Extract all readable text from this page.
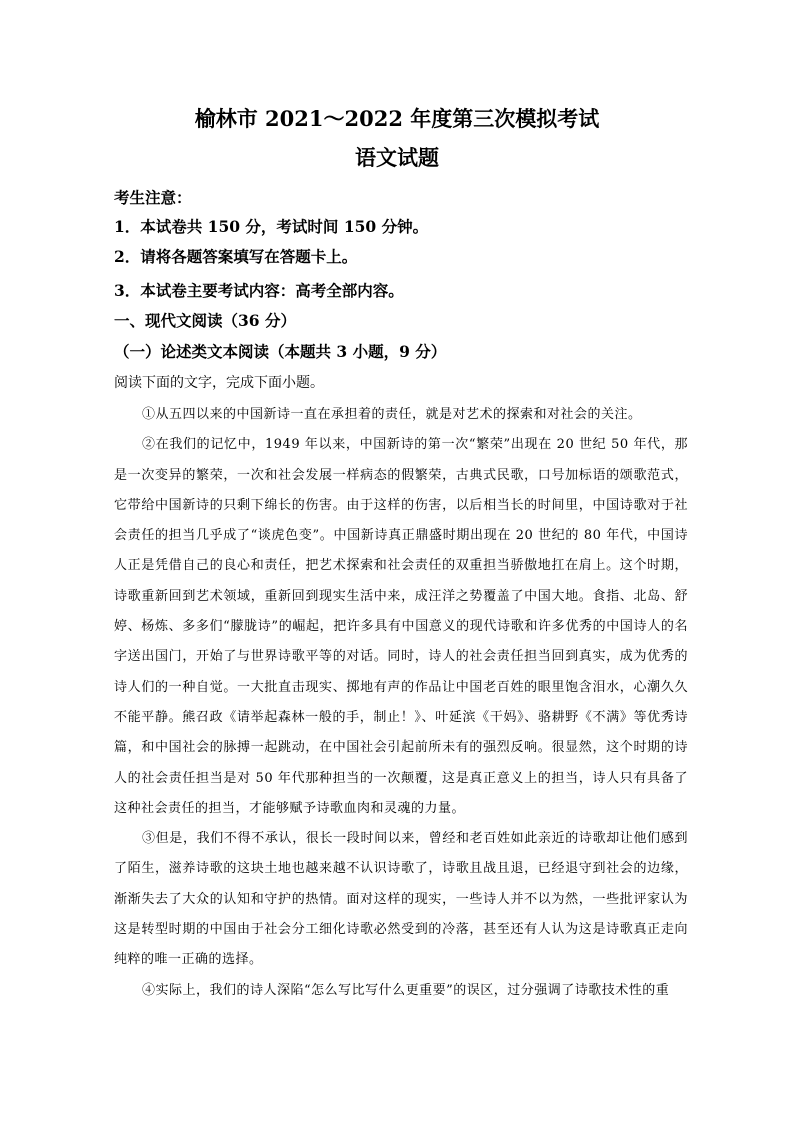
榆林市 2021～2022 年度第三次模拟考试
语文试题
考生注意：
1．本试卷共 150 分，考试时间 150 分钟。
2．请将各题答案填写在答题卡上。
3．本试卷主要考试内容：高考全部内容。
一、现代文阅读（36 分）
（一）论述类文本阅读（本题共 3 小题，9 分）
阅读下面的文字，完成下面小题。

①从五四以来的中国新诗一直在承担着的责任，就是对艺术的探索和对社会的关注。

②在我们的记忆中，1949 年以来，中国新诗的第一次“繁荣”出现在 20 世纪 50 年代，那是一次变异的繁荣，一次和社会发展一样病态的假繁荣，古典式民歌，口号加标语的颂歌范式，它带给中国新诗的只剩下绵长的伤害。由于这样的伤害，以后相当长的时间里，中国诗歌对于社会责任的担当几乎成了“谈虎色变”。中国新诗真正鼎盛时期出现在 20 世纪的 80 年代，中国诗人正是凭借自己的良心和责任，把艺术探索和社会责任的双重担当骄傲地扛在肩上。这个时期，诗歌重新回到艺术领域，重新回到现实生活中来，成汪洋之势覆盖了中国大地。食指、北岛、舒婷、杨炼、多多们“朦胧诗”的崛起，把许多具有中国意义的现代诗歌和许多优秀的中国诗人的名字送出国门，开始了与世界诗歌平等的对话。同时，诗人的社会责任担当回到真实，成为优秀的诗人们的一种自觉。一大批直击现实、掷地有声的作品让中国老百姓的眼里饱含泪水，心潮久久不能平静。熊召政《请举起森林一般的手，制止！》、叶延滨《干妈》、骆耕野《不满》等优秀诗篇，和中国社会的脉搏一起跳动，在中国社会引起前所未有的强烈反响。很显然，这个时期的诗人的社会责任担当是对 50 年代那种担当的一次颠覆，这是真正意义上的担当，诗人只有具备了这种社会责任的担当，才能够赋予诗歌血肉和灵魂的力量。

③但是，我们不得不承认，很长一段时间以来，曾经和老百姓如此亲近的诗歌却让他们感到了陌生，滋养诗歌的这块土地也越来越不认识诗歌了，诗歌且战且退，已经退守到社会的边缘，渐渐失去了大众的认知和守护的热情。面对这样的现实，一些诗人并不以为然，一些批评家认为这是转型时期的中国由于社会分工细化诗歌必然受到的冷落，甚至还有人认为这是诗歌真正走向纯粹的唯一正确的选择。

④实际上，我们的诗人深陷“怎么写比写什么更重要”的误区，过分强调了诗歌技术性的重
